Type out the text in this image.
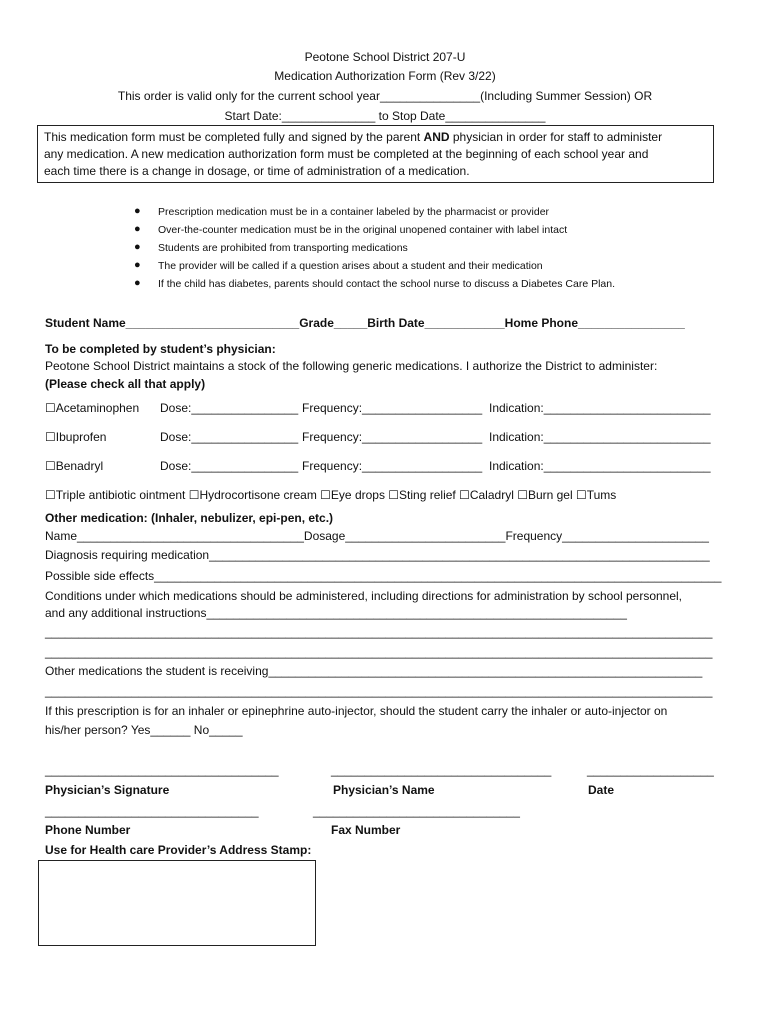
Peotone School District 207-U
Medication Authorization Form (Rev 3/22)
This order is valid only for the current school year_______________(Including Summer Session) OR
Start Date:______________ to Stop Date_______________

This medication form must be completed fully and signed by the parent AND physician in order for staff to administer

any medication. A new medication authorization form must be completed at the beginning of each school year and

each time there is a change in dosage, or time of administration of a medication.

● Prescription medication must be in a container labeled by the pharmacist or provider
● Over-the-counter medication must be in the original unopened container with label intact
● Students are prohibited from transporting medications
● The provider will be called if a question arises about a student and their medication
● If the child has diabetes, parents should contact the school nurse to discuss a Diabetes Care Plan.
Student Name__________________________Grade_____Birth Date____________Home Phone________________
To be completed by student’s physician:
Peotone School District maintains a stock of the following generic medications. I authorize the District to administer:
(Please check all that apply)
☐Acetaminophen Dose:________________ Frequency:__________________ Indication:_________________________
☐Ibuprofen	Dose:________________ Frequency:__________________ Indication:_________________________
☐Benadryl	Dose:________________ Frequency:__________________ Indication:_________________________
☐Triple antibiotic ointment ☐Hydrocortisone cream ☐Eye drops ☐Sting relief ☐Caladryl ☐Burn gel ☐Tums
Other medication: (Inhaler, nebulizer, epi-pen, etc.)
Name__________________________________Dosage________________________Frequency______________________
Diagnosis requiring medication___________________________________________________________________________
Possible side effects_____________________________________________________________________________________
Conditions under which medications should be administered, including directions for administration by school personnel,
and any additional instructions_______________________________________________________________
____________________________________________________________________________________________________
____________________________________________________________________________________________________
Other medications the student is receiving_________________________________________________________________
____________________________________________________________________________________________________
If this prescription is for an inhaler or epinephrine auto-injector, should the student carry the inhaler or auto-injector on
his/her person? Yes______ No_____
___________________________________	_________________________________	___________________
Physician’s Signature	Physician’s Name	Date
________________________________	_______________________________
Phone Number	Fax Number
Use for Health care Provider’s Address Stamp:
